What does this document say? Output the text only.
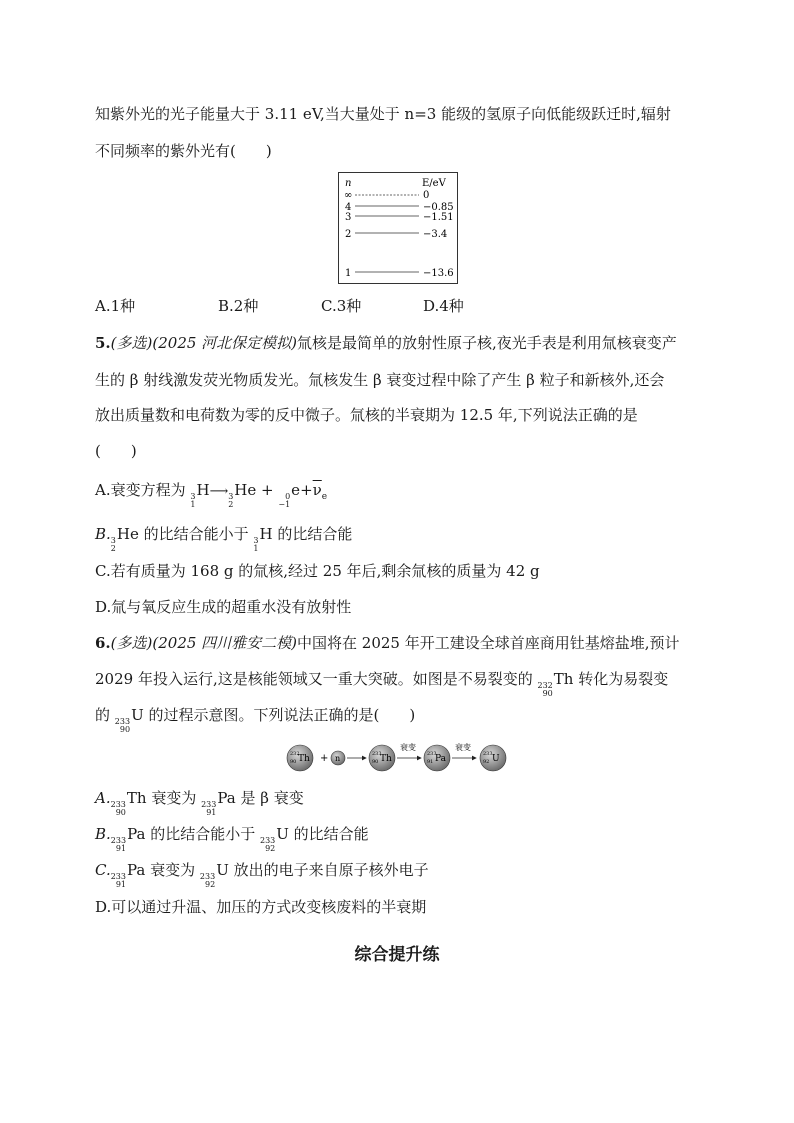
知紫外光的光子能量大于 3.11 eV,当大量处于 n=3 能级的氢原子向低能级跃迁时,辐射
不同频率的紫外光有(　　)
n	E/eV
∞	0
4	−0.85
3	−1.51
2	−3.4
1	−13.6
A.1种	B.2种	C.3种	D.4种
5.(多选)(2025 河北保定模拟)氚核是最简单的放射性原子核,夜光手表是利用氚核衰变产
生的 β 射线激发荧光物质发光。氚核发生 β 衰变过程中除了产生 β 粒子和新核外,还会
放出质量数和电荷数为零的反中微子。氚核的半衰期为 12.5 年,下列说法正确的是
(　　)
A.衰变方程为 3
1
H⟶ 3
2
He + 0
−1
$e+\overline{\nu}_e$
B. 3
2
He 的比结合能小于 3
1
H 的比结合能
C.若有质量为 168 g 的氚核,经过 25 年后,剩余氚核的质量为 42 g
D.氚与氧反应生成的超重水没有放射性
6.(多选)(2025 四川雅安二模)中国将在 2025 年开工建设全球首座商用钍基熔盐堆,预计
2029 年投入运行,这是核能领域又一重大突破。如图是不易裂变的 232
90
Th 转化为易裂变
的 233
90
U 的过程示意图。下列说法正确的是(　　)
232
90 Th + n	233
90 Th
衰变
233
91 Pa
衰变
233
92 U
A. 233
90
Th 衰变为 233
91
Pa 是 β 衰变
B. 233
91
Pa 的比结合能小于 233
92
U 的比结合能
C. 233
91
Pa 衰变为 233
92
U 放出的电子来自原子核外电子
D.可以通过升温、加压的方式改变核废料的半衰期
综合提升练
